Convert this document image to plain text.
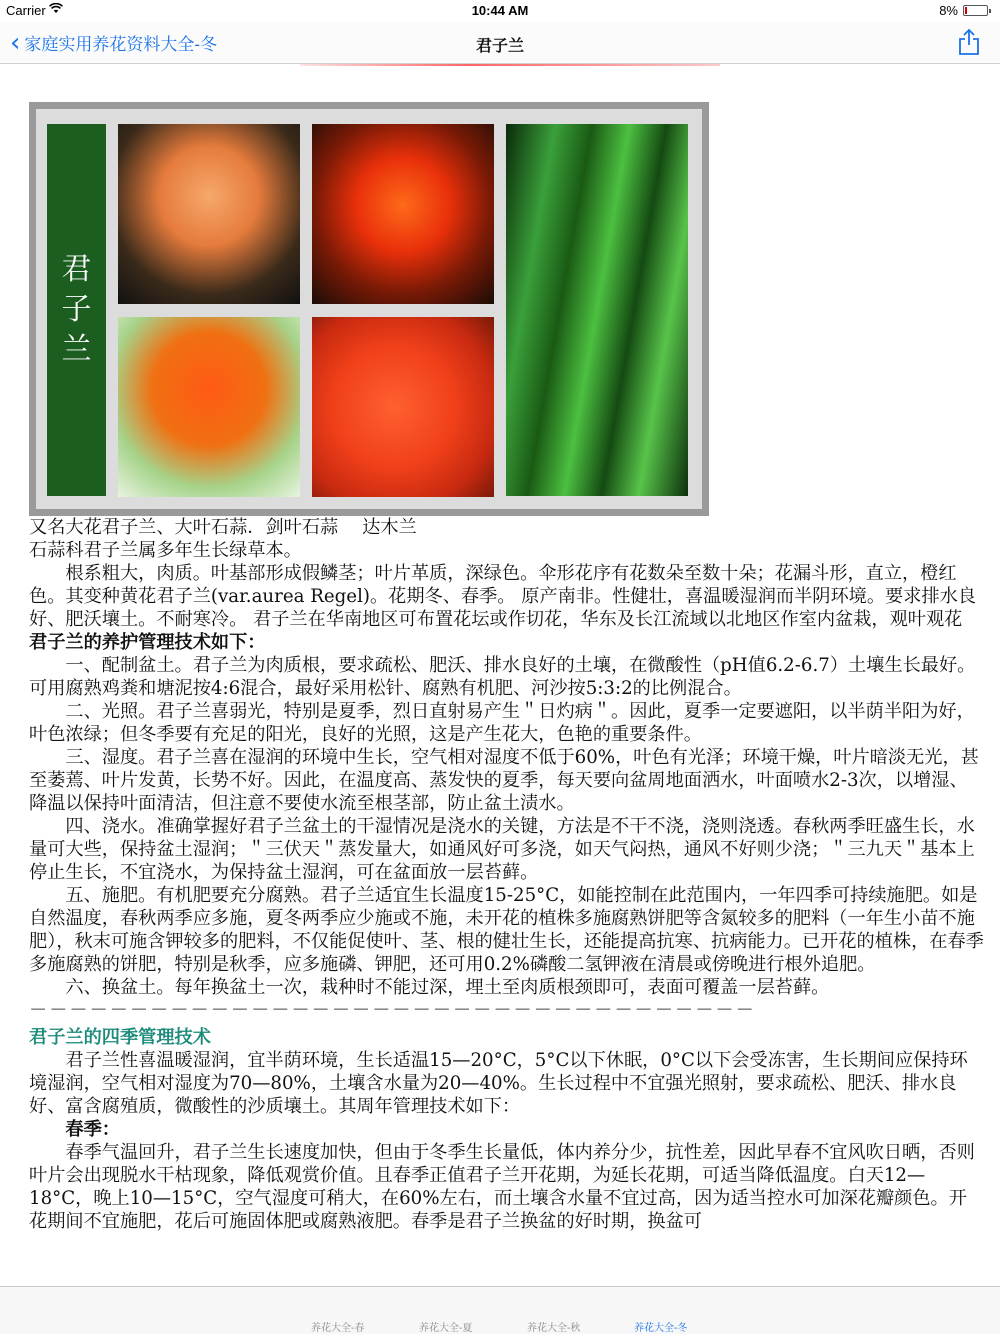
Carrier	10:44 AM	8%
‹ 家庭实用养花资料大全-冬	君子兰
君
子
兰

又名大花君子兰、大叶石蒜．剑叶石蒜　 达木兰

石蒜科君子兰属多年生长绿草本。

根系粗大，肉质。叶基部形成假鳞茎；叶片革质，深绿色。伞形花序有花数朵至数十朵；花漏斗形，直立，橙红色。其变种黄花君子兰(var.aurea Regel)。花期冬、春季。 原产南非。性健壮，喜温暖湿润而半阴环境。要求排水良好、肥沃壤土。不耐寒冷。 君子兰在华南地区可布置花坛或作切花，华东及长江流域以北地区作室内盆栽，观叶观花

君子兰的养护管理技术如下：

一、配制盆土。君子兰为肉质根，要求疏松、肥沃、排水良好的土壤，在微酸性（pH值6.2-6.7）土壤生长最好。可用腐熟鸡粪和塘泥按4:6混合，最好采用松针、腐熟有机肥、河沙按5:3:2的比例混合。

二、光照。君子兰喜弱光，特别是夏季，烈日直射易产生＂日灼病＂。因此，夏季一定要遮阳，以半荫半阳为好，叶色浓绿；但冬季要有充足的阳光，良好的光照，这是产生花大，色艳的重要条件。

三、湿度。君子兰喜在湿润的环境中生长，空气相对湿度不低于60%，叶色有光泽；环境干燥，叶片暗淡无光，甚至萎蔫、叶片发黄，长势不好。因此，在温度高、蒸发快的夏季，每天要向盆周地面洒水，叶面喷水2-3次，以增湿、降温以保持叶面清洁，但注意不要使水流至根茎部，防止盆土渍水。

四、浇水。准确掌握好君子兰盆土的干湿情况是浇水的关键，方法是不干不浇，浇则浇透。春秋两季旺盛生长，水量可大些，保持盆土湿润；＂三伏天＂蒸发量大，如通风好可多浇，如天气闷热，通风不好则少浇；＂三九天＂基本上停止生长，不宜浇水，为保持盆土湿润，可在盆面放一层苔藓。

五、施肥。有机肥要充分腐熟。君子兰适宜生长温度15-25°C，如能控制在此范围内，一年四季可持续施肥。如是自然温度，春秋两季应多施，夏冬两季应少施或不施，未开花的植株多施腐熟饼肥等含氮较多的肥料（一年生小苗不施肥），秋末可施含钾较多的肥料，不仅能促使叶、茎、根的健壮生长，还能提高抗寒、抗病能力。已开花的植株，在春季多施腐熟的饼肥，特别是秋季，应多施磷、钾肥，还可用0.2%磷酸二氢钾液在清晨或傍晚进行根外追肥。

六、换盆土。每年换盆土一次，栽种时不能过深，埋土至肉质根颈即可，表面可覆盖一层苔藓。

－－－－－－－－－－－－－－－－－－－－－－－－－－－－－－－－－－－－

君子兰的四季管理技术

君子兰性喜温暖湿润，宜半荫环境，生长适温15—20°C，5°C以下休眠，0°C以下会受冻害，生长期间应保持环境湿润，空气相对湿度为70—80%，土壤含水量为20—40%。生长过程中不宜强光照射，要求疏松、肥沃、排水良好、富含腐殖质，微酸性的沙质壤土。其周年管理技术如下：

春季：

春季气温回升，君子兰生长速度加快，但由于冬季生长量低，体内养分少，抗性差，因此早春不宜风吹日晒，否则叶片会出现脱水干枯现象，降低观赏价值。且春季正值君子兰开花期，为延长花期，可适当降低温度。白天12—18°C，晚上10—15°C，空气湿度可稍大，在60%左右，而土壤含水量不宜过高，因为适当控水可加深花瓣颜色。开花期间不宜施肥，花后可施固体肥或腐熟液肥。春季是君子兰换盆的好时期，换盆可

养花大全-春	养花大全-夏	养花大全-秋	养花大全-冬
